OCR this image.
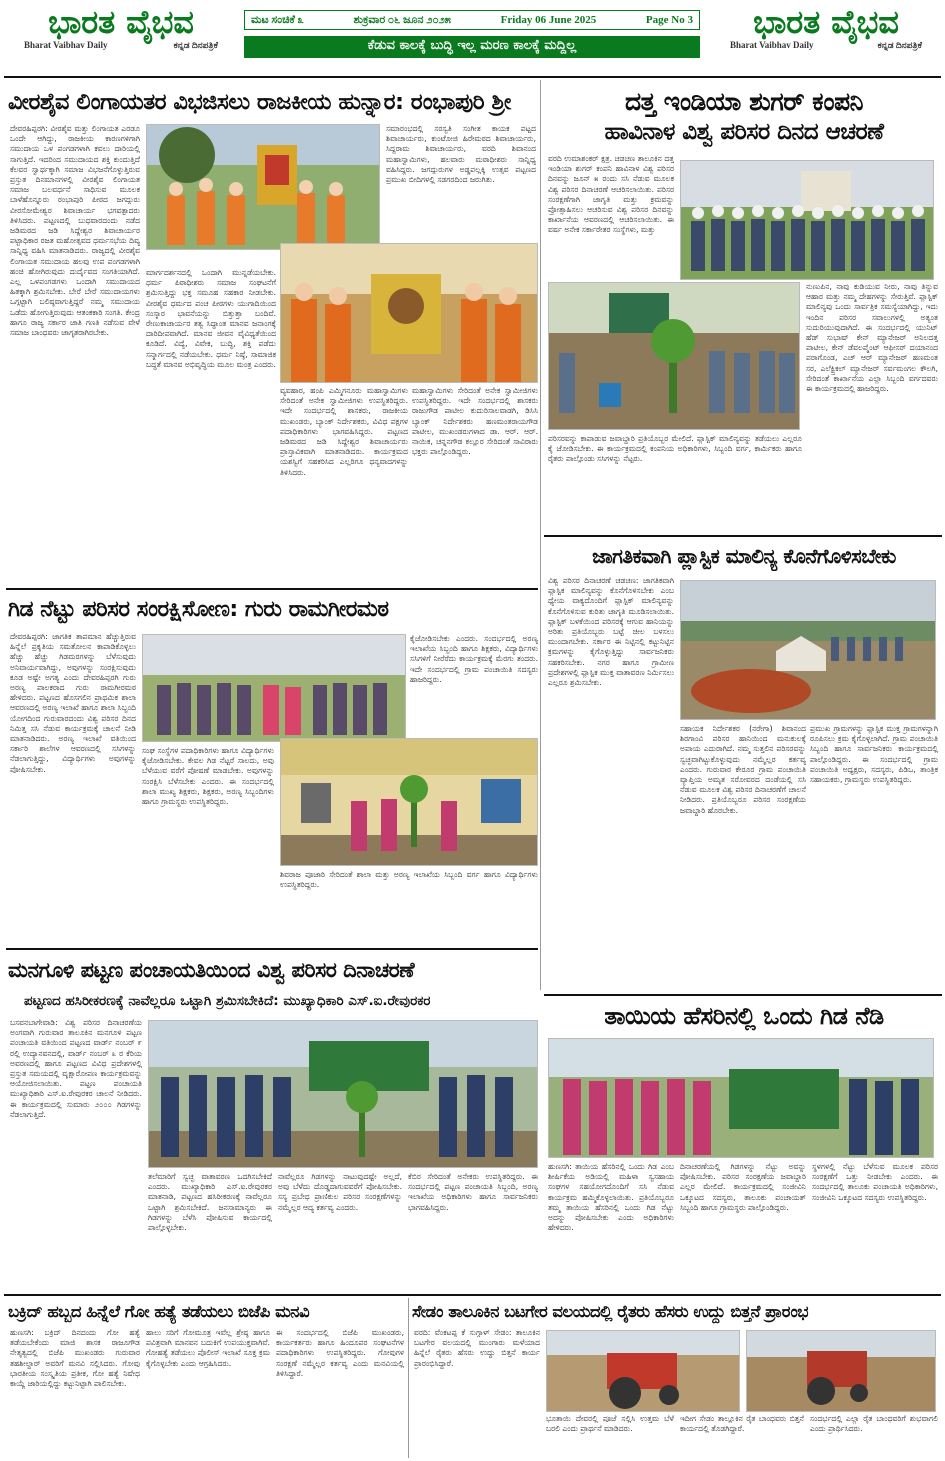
ಭಾರತ ವೈಭವ
Bharat Vaibhav Daily	ಕನ್ನಡ ದಿನಪತ್ರಿಕೆ
ಮಟ ಸಂಚಿಕೆ ೩	ಶುಕ್ರವಾರ ೦೬ ಜೂನ ೨೦೨೫	Friday 06 June 2025	Page No 3
ಕೆಡುವ ಕಾಲಕ್ಕೆ ಬುದ್ಧಿ ಇಲ್ಲ ಮರಣ ಕಾಲಕ್ಕೆ ಮದ್ದಿಲ್ಲ
ಭಾರತ ವೈಭವ
Bharat Vaibhav Daily	ಕನ್ನಡ ದಿನಪತ್ರಿಕೆ
ವೀರಶೈವ ಲಿಂಗಾಯತರ ವಿಭಜಿಸಲು ರಾಜಕೀಯ ಹುನ್ನಾರ: ರಂಭಾಪುರಿ ಶ್ರೀ
ದೇವರಹಿಪ್ಪರಗಿ: ವೀರಶೈವ ಮತ್ತು ಲಿಂಗಾಯತ ಎರಡೂ ಒಂದೇ ಆಗಿದ್ದು, ರಾಜಕೀಯ ಕಾರಣಗಳಿಗಾಗಿ ಸಮುದಾಯ ಒಳ ಪಂಗಡಗಳಾಗಿ ಕವಲು ದಾರಿಯಲ್ಲಿ ಸಾಗುತ್ತಿದೆ. ಇದರಿಂದ ಸಮುದಾಯದ ಶಕ್ತಿ ಕುಂದುತ್ತಿದೆ ಕೆಲವರ ಸ್ವಾರ್ಥಕ್ಕಾಗಿ ಸಮಾಜ ವಿಭಜನೆಗೊಳ್ಳುತ್ತಿರುವ ಪ್ರಸ್ತುತ ದಿನಮಾನಗಳಲ್ಲಿ ವೀರಶೈವ ಲಿಂಗಾಯತ ಸಮಾಜ ಬಲವರ್ಧನೆ ಸಾಧಿಸುವ ಮೂಲಕ ಬಾಳೆಹೊನ್ನೂರು ರಂಭಾಪುರಿ ಪೀಠದ ಜಗದ್ಗುರು ವೀರಸೋಮೇಶ್ವರ ಶಿವಾಚಾರ್ಯ ಭಗವತ್ಪಾದರು ತಿಳಿಸಿದರು. ಪಟ್ಟಣದಲ್ಲಿ ಬುಧವಾರದಂದು ನಡೆದ ಜಡಿಮಠದ ಜಡಿ ಸಿದ್ದೇಶ್ವರ ಶಿವಾಚಾರ್ಯರ ಪಟ್ಟಾಧಿಕಾರ ರಜತ ಮಹೋತ್ಸವದ ಧರ್ಮಸಭೆಯ ದಿವ್ಯ ಸಾನ್ನಿಧ್ಯ ವಹಿಸಿ ಮಾತನಾಡಿದರು. ರಾಜ್ಯದಲ್ಲಿ ವೀರಶೈವ ಲಿಂಗಾಯತ ಸಮುದಾಯ ಹಲವು ಉಪ ಪಂಗಡಗಳಾಗಿ ಹಂಚಿ ಹೋಗಿರುವುದು ದುರ್ದೈವದ ಸಂಗತಿಯಾಗಿದೆ. ಎಲ್ಲ ಒಳಪಂಗಡಗಳು ಒಂದಾಗಿ ಸಮುದಾಯದ ಹಿತಕ್ಕಾಗಿ ಶ್ರಮಿಸಬೇಕು. ಬೇರೆ ಬೇರೆ ಸಮುದಾಯಗಳು ಒಗ್ಗಟ್ಟಾಗಿ ಬಲಿಷ್ಠವಾಗುತ್ತಿದ್ದರೆ ನಮ್ಮ ಸಮುದಾಯ ಒಡೆದು ಹೋಗುತ್ತಿರುವುದು ಆತಂಕಕಾರಿ ಸಂಗತಿ. ಕೇಂದ್ರ ಹಾಗೂ ರಾಜ್ಯ ಸರ್ಕಾರ ಜಾತಿ ಗಣತಿ ನಡೆಸುವ ವೇಳೆ ಸಮಾಜ ಬಾಂಧವರು ಜಾಗೃತರಾಗಿರಬೇಕು.
ಸಮಾರಂಭದಲ್ಲಿ ಸರಸ್ವತಿ ಸಂಗೀತ ಕಾಯಕ ಪಟ್ಟದ ಶಿವಾಚಾರ್ಯರು, ಕುಂಟೋಜಿ ಹಿರೇಮಠದ ಶಿವಾಚಾರ್ಯರು, ಸಿದ್ದರಾಮ ಶಿವಾಚಾರ್ಯರು, ವರದಿ ಶಿವಾನಂದ ಮಹಾಸ್ವಾಮಿಗಳು, ಹಲವಾರು ಮಠಾಧೀಶರು ಸಾನ್ನಿಧ್ಯ ವಹಿಸಿದ್ದರು. ಜಗದ್ಗುರುಗಳ ಅಡ್ಡಪಲ್ಲಕ್ಕಿ ಉತ್ಸವ ಪಟ್ಟಣದ ಪ್ರಮುಖ ಬೀದಿಗಳಲ್ಲಿ ಸಡಗರದಿಂದ ಜರುಗಿತು.
ಮಾರ್ಗದರ್ಶನದಲ್ಲಿ ಒಂದಾಗಿ ಮುನ್ನಡೆಯಬೇಕು. ಧರ್ಮ ಪಿಠಾಧೀಶರು ಸಮಾಜ ಸಂಘಟನೆಗೆ ಶ್ರಮಿಸುತ್ತಿದ್ದು ಭಕ್ತ ಸಮೂಹ ಸಹಕಾರ ನೀಡಬೇಕು. ವೀರಶೈವ ಧರ್ಮದ ಪಂಚ ಪೀಠಗಳು ಯುಗಾದಿಯಿಂದ ಸಂಸ್ಕಾರ ಭಾವನೆಯನ್ನು ಬಿತ್ತುತ್ತಾ ಬಂದಿವೆ. ರೇಣುಕಾಚಾರ್ಯರ ತತ್ವ ಸಿದ್ಧಾಂತ ಮಾನವ ಜನಾಂಗಕ್ಕೆ ದಾರಿದೀಪವಾಗಿದೆ. ಮಾನವ ಜೀವನ ವೈವಿಧ್ಯತೆಯಿಂದ ಕೂಡಿದೆ. ವಿದ್ಯೆ, ವಿವೇಕ, ಬುದ್ಧಿ, ಶಕ್ತಿ ಪಡೆದು ಸನ್ಮಾರ್ಗದಲ್ಲಿ ನಡೆಯಬೇಕು. ಧರ್ಮ ನಿಷ್ಠೆ, ಸಾಮಾಜಿಕ ಬದ್ಧತೆ ಮಾನವ ಅಭಿವೃದ್ಧಿಯ ಮೂಲ ಮಂತ್ರ ಎಂದರು.
ವ್ಯವಹಾರ, ಹಂಪಿ ಎಮ್ಮಿಗನೂರು ಮಹಾಸ್ವಾಮಿಗಳು ಸೇರಿದಂತೆ ಅನೇಕ ಸ್ವಾಮೀಜಿಗಳು ಉಪಸ್ಥಿತರಿದ್ದರು. ಇದೇ ಸಂದರ್ಭದಲ್ಲಿ ಶಾಸಕರು, ರಾಜಕೀಯ ಮುಖಂಡರು, ಬ್ಯಾಂಕ್ ನಿರ್ದೇಶಕರು, ವಿವಿಧ ಪಕ್ಷಗಳ ಪದಾಧಿಕಾರಿಗಳು ಭಾಗವಹಿಸಿದ್ದರು. ಪಟ್ಟಣದ ಜಡಿಮಠದ ಜಡಿ ಸಿದ್ದೇಶ್ವರ ಶಿವಾಚಾರ್ಯರು ಪ್ರಾಸ್ತಾವಿಕವಾಗಿ ಮಾತನಾಡಿದರು. ಕಾರ್ಯಕ್ರಮದ ಯಶಸ್ವಿಗೆ ಸಹಕರಿಸಿದ ಎಲ್ಲರಿಗೂ ಧನ್ಯವಾದಗಳನ್ನು ತಿಳಿಸಿದರು.
ಮಹಾಸ್ವಾಮಿಗಳು ಸೇರಿದಂತೆ ಅನೇಕ ಸ್ವಾಮೀಜಿಗಳು ಉಪಸ್ಥಿತರಿದ್ದರು. ಇದೇ ಸಂದರ್ಭದಲ್ಲಿ ಶಾಸಕರು ರಾಜುಗೌಡ ಪಾಟೀಲ ಕುದುರಿಸಾಲವಾಡಗಿ, ಡಿಸಿಸಿ ಬ್ಯಾಂಕ್ ನಿರ್ದೇಶಕರು ಹಣಮಂತರಾಯಗೌಡ ಪಾಟೀಲ, ಮುಖಂಡರುಗಳಾದ ಡಾ. ಆರ್. ಆರ್. ನಾಯಿಕ, ಚನ್ನನಗೌಡ ಕಲ್ಲೂರ ಸೇರಿದಂತೆ ಸಾವಿರಾರು ಭಕ್ತರು ಪಾಲ್ಗೊಂಡಿದ್ದರು.
ದತ್ತ ಇಂಡಿಯಾ ಶುಗರ್ ಕಂಪನಿ
ಹಾವಿನಾಳ ವಿಶ್ವ ಪರಿಸರ ದಿನದ ಆಚರಣೆ
ವರದಿ ಉಮಾಶಂಕರ್ ಕ್ಷತ್ರ. ಚಡಚಣ ತಾಲೂಕಿನ ದತ್ತ ಇಂಡಿಯಾ ಶುಗರ್ ಕಂಪನಿ ಹಾವಿನಾಳ ವಿಶ್ವ ಪರಿಸರ ದಿನವನ್ನು ಜೂನ್ ೫ ರಂದು ಸಸಿ ನೆಡುವ ಮೂಲಕ ವಿಶ್ವ ಪರಿಸರ ದಿನಾಚರಣೆ ಆಚರಿಸಲಾಯಿತು. ಪರಿಸರ ಸಂರಕ್ಷಣೆಗಾಗಿ ಜಾಗೃತಿ ಮತ್ತು ಕ್ರಮವನ್ನು ಪ್ರೋತ್ಸಾಹಿಸಲು ಆಚರಿಸುವ ವಿಶ್ವ ಪರಿಸರ ದಿನವನ್ನು ಕಾರ್ಖಾನೆಯ ಆವರಣದಲ್ಲಿ ಆಚರಿಸಲಾಯಿತು. ಈ ವರ್ಷ ಅನೇಕ ಸರ್ಕಾರೇತರ ಸಂಸ್ಥೆಗಳು, ಮತ್ತು
ನುಣುಪಿನ, ನಾವು ಕುಡಿಯುವ ನೀರು, ನಾವು ತಿನ್ನುವ ಆಹಾರ ಮತ್ತು ನಮ್ಮ ದೇಹಗಳನ್ನು ಸೇರುತ್ತಿವೆ. ಪ್ಲಾಸ್ಟಿಕ್ ಮಾಲಿನ್ಯವು ಒಂದು ಸಾರ್ವತ್ರಿಕ ಸಮಸ್ಯೆಯಾಗಿದ್ದು, ಇದು ಇಂದಿನ ಪರಿಸರ ಸವಾಲುಗಳಲ್ಲಿ ಅತ್ಯಂತ ಸುದುರಿಯುವುದಾಗಿದೆ. ಈ ಸಂದರ್ಭದಲ್ಲಿ ಯುನಿಟ್ ಹೆಡ್ ಸುಭಾಷ್ ಕೇನ್ ಮ್ಯಾನೇಜರ್ ಅನಿಲದತ್ತ ಪಾಟೀಲ, ಕೇನ್ ಡೆವಲಪ್ಮೆಂಟ್ ಆಫೀಸರ್ ದಯಾನಂದ ಪರಾಗೊಂಡ, ಎಚ್ ಆರ್ ಮ್ಯಾನೇಜರ್ ಹಣಮಂತ ಸರ, ಎಲೆಕ್ಟ್ರಿಕಲ್ ಮ್ಯಾನೇಜರ್ ಸರ್ವಮಂಗಲ ಕೌಲಗಿ, ಸೇರಿದಂತೆ ಕಾರ್ಖಾನೆಯ ಎಲ್ಲಾ ಸಿಬ್ಬಂದಿ ವರ್ಗದವರು ಈ ಕಾರ್ಯಕ್ರಮದಲ್ಲಿ ಹಾಜರಿದ್ದರು.
ಪರಿಸರವನ್ನು ಕಾಪಾಡುವ ಜವಾಬ್ದಾರಿ ಪ್ರತಿಯೊಬ್ಬರ ಮೇಲಿದೆ. ಪ್ಲಾಸ್ಟಿಕ್ ಮಾಲಿನ್ಯವನ್ನು ತಡೆಯಲು ಎಲ್ಲರೂ ಕೈ ಜೋಡಿಸಬೇಕು. ಈ ಕಾರ್ಯಕ್ರಮದಲ್ಲಿ ಕಂಪನಿಯ ಅಧಿಕಾರಿಗಳು, ಸಿಬ್ಬಂದಿ ವರ್ಗ, ಕಾರ್ಮಿಕರು ಹಾಗೂ ರೈತರು ಪಾಲ್ಗೊಂಡು ಸಸಿಗಳನ್ನು ನೆಟ್ಟರು.
ಜಾಗತಿಕವಾಗಿ ಪ್ಲಾಸ್ಟಿಕ ಮಾಲಿನ್ಯ ಕೊನೆಗೊಳಿಸಬೇಕು
ವಿಶ್ವ ಪರಿಸರ ದಿನಾಚರಣೆ ಚಡಚಣ: ಜಾಗತಿಕವಾಗಿ ಪ್ಲಾಸ್ಟಿಕ ಮಾಲಿನ್ಯವನ್ನು ಕೊನೆಗೊಳಿಸಬೇಕು ಎಂಬ ಧ್ಯೇಯ ವಾಕ್ಯದೊಂದಿಗೆ ಪ್ಲಾಸ್ಟಿಕ್ ಮಾಲಿನ್ಯವನ್ನು ಕೊನೆಗೊಳಿಸುವ ಕುರಿತು ಜಾಗೃತಿ ಮೂಡಿಸಲಾಯಿತು. ಪ್ಲಾಸ್ಟಿಕ್ ಬಳಕೆಯಿಂದ ಪರಿಸರಕ್ಕೆ ಆಗುವ ಹಾನಿಯನ್ನು ಅರಿತು ಪ್ರತಿಯೊಬ್ಬರು ಬಟ್ಟೆ ಚೀಲ ಬಳಸಲು ಮುಂದಾಗಬೇಕು. ಸರ್ಕಾರ ಈ ನಿಟ್ಟಿನಲ್ಲಿ ಕಟ್ಟುನಿಟ್ಟಿನ ಕ್ರಮಗಳನ್ನು ಕೈಗೊಳ್ಳುತ್ತಿದ್ದು ಸಾರ್ವಜನಿಕರು ಸಹಕರಿಸಬೇಕು. ನಗರ ಹಾಗೂ ಗ್ರಾಮೀಣ ಪ್ರದೇಶಗಳಲ್ಲಿ ಪ್ಲಾಸ್ಟಿಕ ಮುಕ್ತ ವಾತಾವರಣ ನಿರ್ಮಿಸಲು ಎಲ್ಲರೂ ಶ್ರಮಿಸಬೇಕು.
ಸಹಾಯಕ ನಿರ್ದೇಶಕರ (ನರೇಗಾ) ಶಿವಾನಂದ ಶಿರಗಾಂವಿ ಪರಿಸರ ಹಾನಿಯಿಂದ ಮನುಕುಲಕ್ಕೆ ಅಪಾಯ ಎದುರಾಗಿದೆ. ನಮ್ಮ ಸುತ್ತಲಿನ ಪರಿಸರವನ್ನು ಸ್ವಚ್ಛವಾಗಿಟ್ಟುಕೊಳ್ಳುವುದು ನಮ್ಮೆಲ್ಲರ ಕರ್ತವ್ಯ ಎಂದರು. ಗುರುವಾರ ಕೇರೂರ ಗ್ರಾಮ ಪಂಚಾಯಿತಿ ವ್ಯಾಪ್ತಿಯ ಅಮೃತ ಸರೋವರದ ದಂಡೆಯಲ್ಲಿ ಸಸಿ ನೆಡುವ ಮೂಲಕ ವಿಶ್ವ ಪರಿಸರ ದಿನಾಚರಣೆಗೆ ಚಾಲನೆ ನೀಡಿದರು. ಪ್ರತಿಯೊಬ್ಬರೂ ಪರಿಸರ ಸಂರಕ್ಷಣೆಯ ಜವಾಬ್ದಾರಿ ಹೊರಬೇಕು.
ಪ್ರಮುಖ ಗ್ರಾಮಗಳನ್ನು ಪ್ಲಾಸ್ಟಿಕ ಮುಕ್ತ ಗ್ರಾಮಗಳನ್ನಾಗಿ ರೂಪಿಸಲು ಕ್ರಮ ಕೈಗೊಳ್ಳಲಾಗಿದೆ. ಗ್ರಾಮ ಪಂಚಾಯಿತಿ ಸಿಬ್ಬಂದಿ ಹಾಗೂ ಸಾರ್ವಜನಿಕರು ಕಾರ್ಯಕ್ರಮದಲ್ಲಿ ಪಾಲ್ಗೊಂಡಿದ್ದರು. ಈ ಸಂದರ್ಭದಲ್ಲಿ ಗ್ರಾಮ ಪಂಚಾಯಿತಿ ಅಧ್ಯಕ್ಷರು, ಸದಸ್ಯರು, ಪಿಡಿಒ, ತಾಂತ್ರಿಕ ಸಹಾಯಕರು, ಗ್ರಾಮಸ್ಥರು ಉಪಸ್ಥಿತರಿದ್ದರು.
ಗಿಡ ನೆಟ್ಟು ಪರಿಸರ ಸಂರಕ್ಷಿಸೋಣ: ಗುರು ರಾಮಗೀರಮಠ
ದೇವರಹಿಪ್ಪರಗಿ: ಜಾಗತಿಕ ತಾಪಮಾನ ಹೆಚ್ಚುತ್ತಿರುವ ಹಿನ್ನೆಲೆ ಪ್ರಕೃತಿಯ ಸಮತೋಲನ ಕಾಪಾಡಿಕೊಳ್ಳಲು ಹೆಚ್ಚು ಹೆಚ್ಚು ಗಿಡಮರಗಳನ್ನು ಬೆಳೆಸುವುದು ಅನಿವಾರ್ಯವಾಗಿದ್ದು, ಅವುಗಳನ್ನು ಸಂರಕ್ಷಿಸುವುದು ಕೂಡ ಅಷ್ಟೇ ಅಗತ್ಯ ಎಂದು ದೇವರಹಿಪ್ಪರಗಿ ಗುರು ಅರಣ್ಯ ಪಾಲಕರಾದ ಗುರು ರಾಮಗೀರಮಠ ಹೇಳಿದರು. ಪಟ್ಟಣದ ಹೊಸಗಲಿನ ಪ್ರಾಥಮಿಕ ಶಾಲಾ ಆವರಣದಲ್ಲಿ ಅರಣ್ಯ ಇಲಾಖೆ ಹಾಗೂ ಶಾಲಾ ಸಿಬ್ಬಂದಿ ಯೋಗದಿಂದ ಗುರುವಾರದಂದು ವಿಶ್ವ ಪರಿಸರ ದಿನದ ನಿಮಿತ್ತ ಸಸಿ ನೆಡುವ ಕಾರ್ಯಕ್ರಮಕ್ಕೆ ಚಾಲನೆ ನೀಡಿ ಮಾತನಾಡಿದರು. ಅರಣ್ಯ ಇಲಾಖೆ ವತಿಯಿಂದ ಸರ್ಕಾರಿ ಶಾಲೆಗಳ ಆವರಣದಲ್ಲಿ ಸಸಿಗಳನ್ನು ನೆಡಲಾಗುತ್ತಿದ್ದು, ವಿದ್ಯಾರ್ಥಿಗಳು ಅವುಗಳನ್ನು ಪೋಷಿಸಬೇಕು.
ಕೈಜೋಡಿಸಬೇಕು ಎಂದರು. ಸಂದರ್ಭದಲ್ಲಿ ಅರಣ್ಯ ಇಲಾಖೆಯ ಸಿಬ್ಬಂದಿ ಹಾಗೂ ಶಿಕ್ಷಕರು, ವಿದ್ಯಾರ್ಥಿಗಳು ಸಸಿಗಳಿಗೆ ನೀರೆರೆದು ಕಾರ್ಯಕ್ರಮಕ್ಕೆ ಮೆರಗು ತಂದರು. ಇದೇ ಸಂದರ್ಭದಲ್ಲಿ ಗ್ರಾಮ ಪಂಚಾಯಿತಿ ಸದಸ್ಯರು ಹಾಜರಿದ್ದರು.
ಸಂಘ ಸಂಸ್ಥೆಗಳ ಪದಾಧಿಕಾರಿಗಳು ಹಾಗೂ ವಿದ್ಯಾರ್ಥಿಗಳು ಕೈಜೋಡಿಸಬೇಕು. ಕೇವಲ ಗಿಡ ನೆಟ್ಟರೆ ಸಾಲದು, ಅವು ಬೆಳೆಯುವ ವರೆಗೆ ಪೋಷಣೆ ಮಾಡಬೇಕು. ಅವುಗಳನ್ನು ಸಂರಕ್ಷಿಸಿ ಬೆಳೆಸಬೇಕು ಎಂದರು. ಈ ಸಂದರ್ಭದಲ್ಲಿ ಶಾಲಾ ಮುಖ್ಯ ಶಿಕ್ಷಕರು, ಶಿಕ್ಷಕರು, ಅರಣ್ಯ ಸಿಬ್ಬಂದಿಗಳು ಹಾಗೂ ಗ್ರಾಮಸ್ಥರು ಉಪಸ್ಥಿತರಿದ್ದರು.
ಶಿವರಾಜ ಪೂಜಾರಿ ಸೇರಿದಂತೆ ಶಾಲಾ ಮತ್ತು ಅರಣ್ಯ ಇಲಾಖೆಯ ಸಿಬ್ಬಂದಿ ವರ್ಗ ಹಾಗೂ ವಿದ್ಯಾರ್ಥಿಗಳು ಉಪಸ್ಥಿತರಿದ್ದರು.
ಮನಗೂಳಿ ಪಟ್ಟಣ ಪಂಚಾಯತಿಯಿಂದ ವಿಶ್ವ ಪರಿಸರ ದಿನಾಚರಣೆ
ಪಟ್ಟಣದ ಹಸಿರೀಕರಣಕ್ಕೆ ನಾವೆಲ್ಲರೂ ಒಟ್ಟಾಗಿ ಶ್ರಮಿಸಬೇಕಿದೆ: ಮುಖ್ಯಾಧಿಕಾರಿ ಎಸ್.ಐ.ರೇವುರಕರ
ಬಸವನಬಾಗೇವಾಡಿ: ವಿಶ್ವ ಪರಿಸರ ದಿನಾಚರಣೆಯ ಅಂಗವಾಗಿ ಗುರುವಾರ ತಾಲೂಕಿನ ಮನಗೂಳಿ ಪಟ್ಟಣ ಪಂಚಾಯತಿ ವತಿಯಿಂದ ಪಟ್ಟಣದ ವಾರ್ಡ್ ನಂಬರ್ ೯ ರಲ್ಲಿ ಉದ್ಯಾನವನದಲ್ಲಿ, ವಾರ್ಡ್ ನಂಬರ್ ೩ ರ ಕೆರಿಯ ಅವರಣದಲ್ಲಿ ಹಾಗೂ ಪಟ್ಟಣದ ವಿವಿಧ ಪ್ರದೇಶಗಳಲ್ಲಿ ಪ್ರಸ್ತುತ ಸಮಯದಲ್ಲಿ ವೃಕ್ಷಾರೋಪಣ ಕಾರ್ಯಕ್ರಮವನ್ನು ಆಯೋಜಿಸಲಾಯಿತು. ಪಟ್ಟಣ ಪಂಚಾಯತಿ ಮುಖ್ಯಾಧಿಕಾರಿ ಎಸ್.ಐ.ರೇವುರಕರ ಚಾಲನೆ ನೀಡಿದರು. ಈ ಕಾರ್ಯಕ್ರಮದಲ್ಲಿ ಸುಮಾರು ೨೦೦೦ ಗಿಡಗಳನ್ನು ನೆಡಲಾಗುತ್ತಿದೆ.
ತಲೆಮಾರಿಗೆ ಸ್ವಚ್ಛ ವಾತಾವರಣ ಒದಗಿಸಬೇಕಿದೆ ಎಂದರು. ಮುಖ್ಯಾಧಿಕಾರಿ ಎಸ್.ಐ.ರೇವುರಕರ ಮಾತನಾಡಿ, ಪಟ್ಟಣದ ಹಸಿರೀಕರಣಕ್ಕೆ ನಾವೆಲ್ಲರೂ ಒಟ್ಟಾಗಿ ಶ್ರಮಿಸಬೇಕಿದೆ. ಜನಸಾಮಾನ್ಯರು ಈ ಗಿಡಗಳನ್ನು ಬೆಳೆಸಿ ಪೋಷಿಸುವ ಕಾರ್ಯದಲ್ಲಿ ಪಾಲ್ಗೊಳ್ಳಬೇಕು.
ನಾವೆಲ್ಲರೂ ಗಿಡಗಳನ್ನು ನಾಟುವುದಷ್ಟೇ ಅಲ್ಲದೆ, ಅವು ಬೆಳೆದು ದೊಡ್ಡದಾಗುವವರೆಗೆ ಪೋಷಿಸಬೇಕು. ಸಸ್ಯ ಪ್ರಬೇಧ ಪ್ರಾಣಿಕುಲ ಪರಿಸರ ಸಂರಕ್ಷಣೆಗಳನ್ನು ನಮ್ಮೆಲ್ಲರ ಆದ್ಯ ಕರ್ತವ್ಯ ಎಂದರು.
ಕೆಬಿರ ಸೇರಿದಂತೆ ಅನೇಕರು ಉಪಸ್ಥಿತರಿದ್ದರು. ಈ ಸಂದರ್ಭದಲ್ಲಿ ಪಟ್ಟಣ ಪಂಚಾಯತಿ ಸಿಬ್ಬಂದಿ, ಅರಣ್ಯ ಇಲಾಖೆಯ ಅಧಿಕಾರಿಗಳು ಹಾಗೂ ಸಾರ್ವಜನಿಕರು ಭಾಗವಹಿಸಿದ್ದರು.
ತಾಯಿಯ ಹೆಸರಿನಲ್ಲಿ ಒಂದು ಗಿಡ ನೆಡಿ
ಹುಣಸಗಿ: ತಾಯಿಯ ಹೆಸರಿನಲ್ಲಿ ಒಂದು ಗಿಡ ಎಂಬ ಶೀರ್ಷಿಕೆಯ ಅಡಿಯಲ್ಲಿ ಮಹಿಳಾ ಸ್ವಸಹಾಯ ಸಂಘಗಳ ಸಹಯೋಗದೊಂದಿಗೆ ಸಸಿ ನೆಡುವ ಕಾರ್ಯಕ್ರಮ ಹಮ್ಮಿಕೊಳ್ಳಲಾಯಿತು. ಪ್ರತಿಯೊಬ್ಬರೂ ತಮ್ಮ ತಾಯಿಯ ಹೆಸರಿನಲ್ಲಿ ಒಂದು ಗಿಡ ನೆಟ್ಟು ಅದನ್ನು ಪೋಷಿಸಬೇಕು ಎಂದು ಅಧಿಕಾರಿಗಳು ಹೇಳಿದರು.
ದಿನಾಚರಣೆಯಲ್ಲಿ ಗಿಡಗಳನ್ನು ನೆಟ್ಟು ಅವನ್ನು ಪೋಷಿಸಬೇಕು. ಪರಿಸರ ಸಂರಕ್ಷಣೆಯ ಜವಾಬ್ದಾರಿ ಎಲ್ಲರ ಮೇಲಿದೆ. ಕಾರ್ಯಕ್ರಮದಲ್ಲಿ ಸಂಜೀವಿನಿ ಒಕ್ಕೂಟದ ಸದಸ್ಯರು, ತಾಲೂಕು ಪಂಚಾಯತ್ ಸಿಬ್ಬಂದಿ ಹಾಗೂ ಗ್ರಾಮಸ್ಥರು ಪಾಲ್ಗೊಂಡಿದ್ದರು.
ಸ್ಥಳಗಳಲ್ಲಿ ನೆಟ್ಟು ಬೆಳೆಸುವ ಮೂಲಕ ಪರಿಸರ ಸಂರಕ್ಷಣೆಗೆ ಒತ್ತು ನೀಡಬೇಕು ಎಂದರು. ಈ ಸಂದರ್ಭದಲ್ಲಿ ತಾಲೂಕು ಪಂಚಾಯತಿ ಅಧಿಕಾರಿಗಳು, ಸಂಜೀವಿನಿ ಒಕ್ಕೂಟದ ಸದಸ್ಯರು ಉಪಸ್ಥಿತರಿದ್ದರು.
ಬಕ್ರಿದ್ ಹಬ್ಬದ ಹಿನ್ನೆಲೆ ಗೋ ಹತ್ಯೆ ತಡೆಯಲು ಬಿಜೆಪಿ ಮನವಿ
ಹುಣಸಗಿ: ಬಕ್ರಿದ್ ದಿನದಂದು ಗೋ ಹತ್ಯೆ ತಡೆಯಬೇಕೆಂದು ಮಾಜಿ ಶಾಸಕ ರಾಜೂಗೌಡ ನೇತೃತ್ವದಲ್ಲಿ ಬಿಜೆಪಿ ಮುಖಂಡರು ಗುರುವಾರ ತಹಶೀಲ್ದಾರ್ ಅವರಿಗೆ ಮನವಿ ಸಲ್ಲಿಸಿದರು. ಗೋವು ಭಾರತೀಯ ಸಂಸ್ಕೃತಿಯ ಪ್ರತೀಕ, ಗೋ ಹತ್ಯೆ ನಿಷೇಧ ಕಾಯ್ದೆ ಜಾರಿಯಲ್ಲಿದ್ದು ಕಟ್ಟುನಿಟ್ಟಾಗಿ ಪಾಲಿಸಬೇಕು.
ಹಾಲು ಸರಿಗೆ ಗೋಮೂತ್ರ ಇವೆಲ್ಲ ಶ್ರೇಷ್ಠ ಹಾಗೂ ಪವಿತ್ರವಾಗಿ ಮಾನವನ ಬದುಕಿಗೆ ಉಪಯುಕ್ತವಾಗಿವೆ. ಗೋಹತ್ಯೆ ತಡೆಯಲು ಪೊಲೀಸ್ ಇಲಾಖೆ ಸೂಕ್ತ ಕ್ರಮ ಕೈಗೊಳ್ಳಬೇಕು ಎಂದು ಆಗ್ರಹಿಸಿದರು.
ಈ ಸಂದರ್ಭದಲ್ಲಿ ಬಿಜೆಪಿ ಮುಖಂಡರು, ಕಾರ್ಯಕರ್ತರು ಹಾಗೂ ಹಿಂದೂಪರ ಸಂಘಟನೆಗಳ ಪದಾಧಿಕಾರಿಗಳು ಉಪಸ್ಥಿತರಿದ್ದರು. ಗೋವುಗಳ ಸಂರಕ್ಷಣೆ ನಮ್ಮೆಲ್ಲರ ಕರ್ತವ್ಯ ಎಂದು ಮನವಿಯಲ್ಲಿ ತಿಳಿಸಿದ್ದಾರೆ.
ಸೇಡಂ ತಾಲೂಕಿನ ಬಟಗೇರ ವಲಯದಲ್ಲಿ ರೈತರು ಹೆಸರು ಉದ್ದು ಬಿತ್ತನೆ ಪ್ರಾರಂಭ
ವರದಿ: ವೆಂಕಟಪ್ಪ ಕೆ ಸುಗ್ಗಾಳ್ ಸೇಡಂ: ತಾಲೂಕಿನ ಬಟಗೇರ ವಲಯದಲ್ಲಿ ಮುಂಗಾರು ಮಳೆಯಾದ ಹಿನ್ನೆಲೆ ರೈತರು ಹೆಸರು ಉದ್ದು ಬಿತ್ತನೆ ಕಾರ್ಯ ಪ್ರಾರಂಭಿಸಿದ್ದಾರೆ.
ಭೂತಾಯಿ ದೇವರಲ್ಲಿ ಪೂಜೆ ಸಲ್ಲಿಸಿ ಉತ್ತಮ ಬೆಳೆ ಬರಲಿ ಎಂದು ಪ್ರಾರ್ಥನೆ ಮಾಡಿದರು.
ಇದೀಗ ಸೇಡಂ ತಾಲ್ಲೂಕಿನ ರೈತ ಬಾಂಧವರು ಬಿತ್ತನೆ ಕಾರ್ಯದಲ್ಲಿ ತೊಡಗಿದ್ದಾರೆ.
ಸಂದರ್ಭದಲ್ಲಿ ಎಲ್ಲಾ ರೈತ ಬಾಂಧವರಿಗೆ ಶುಭವಾಗಲಿ ಎಂದು ಪ್ರಾರ್ಥಿಸಿದರು.
